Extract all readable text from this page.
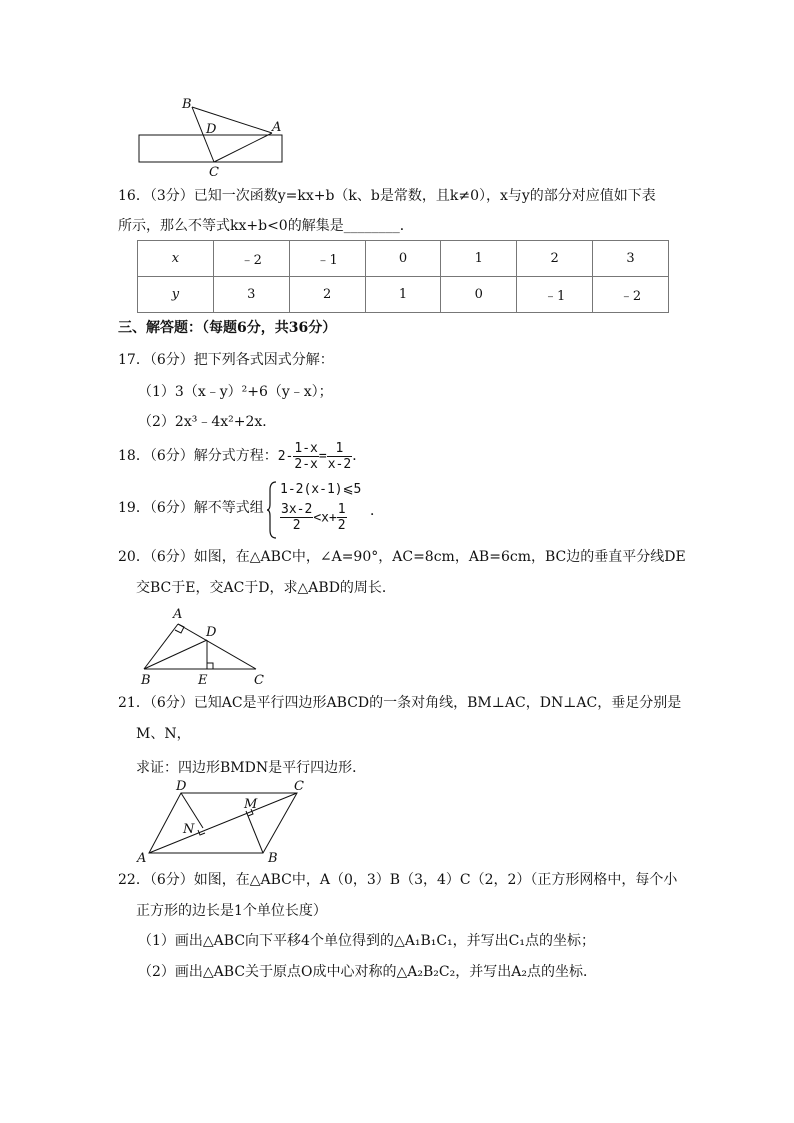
B
D	A
C
16．（3分）已知一次函数y=kx+b（k、b是常数，且k≠0），x与y的部分对应值如下表
所示，那么不等式kx+b<0的解集是________．
x	﹣2	﹣1	0	1	2	3
y	3	2	1	0	﹣1	﹣2
三、解答题：（每题6分，共36分）
17．（6分）把下列各式因式分解：
（1）3（x﹣y）²+6（y﹣x）；
（2）2x³﹣4x²+2x．
18．（6分）解分式方程：$2- \frac{1-x}{2-x} = \frac{1}{x-2}$ ．
19．（6分）解不等式组
1-2(x-1)⩽5
$\frac{3x-2}{2} <x+ \frac{1}{2}$ ．
20．（6分）如图，在△ABC中，∠A=90°，AC=8cm，AB=6cm，BC边的垂直平分线DE
交BC于E，交AC于D，求△ABD的周长．
A
D
B	E	C
21．（6分）已知AC是平行四边形ABCD的一条对角线，BM⊥AC，DN⊥AC，垂足分别是
M、N，
求证：四边形BMDN是平行四边形．
D	C
M
N
A	B
22．（6分）如图，在△ABC中，A（0，3）B（3，4）C（2，2）（正方形网格中，每个小
正方形的边长是1个单位长度）
（1）画出△ABC向下平移4个单位得到的△A₁B₁C₁，并写出C₁点的坐标；
（2）画出△ABC关于原点O成中心对称的△A₂B₂C₂，并写出A₂点的坐标．
